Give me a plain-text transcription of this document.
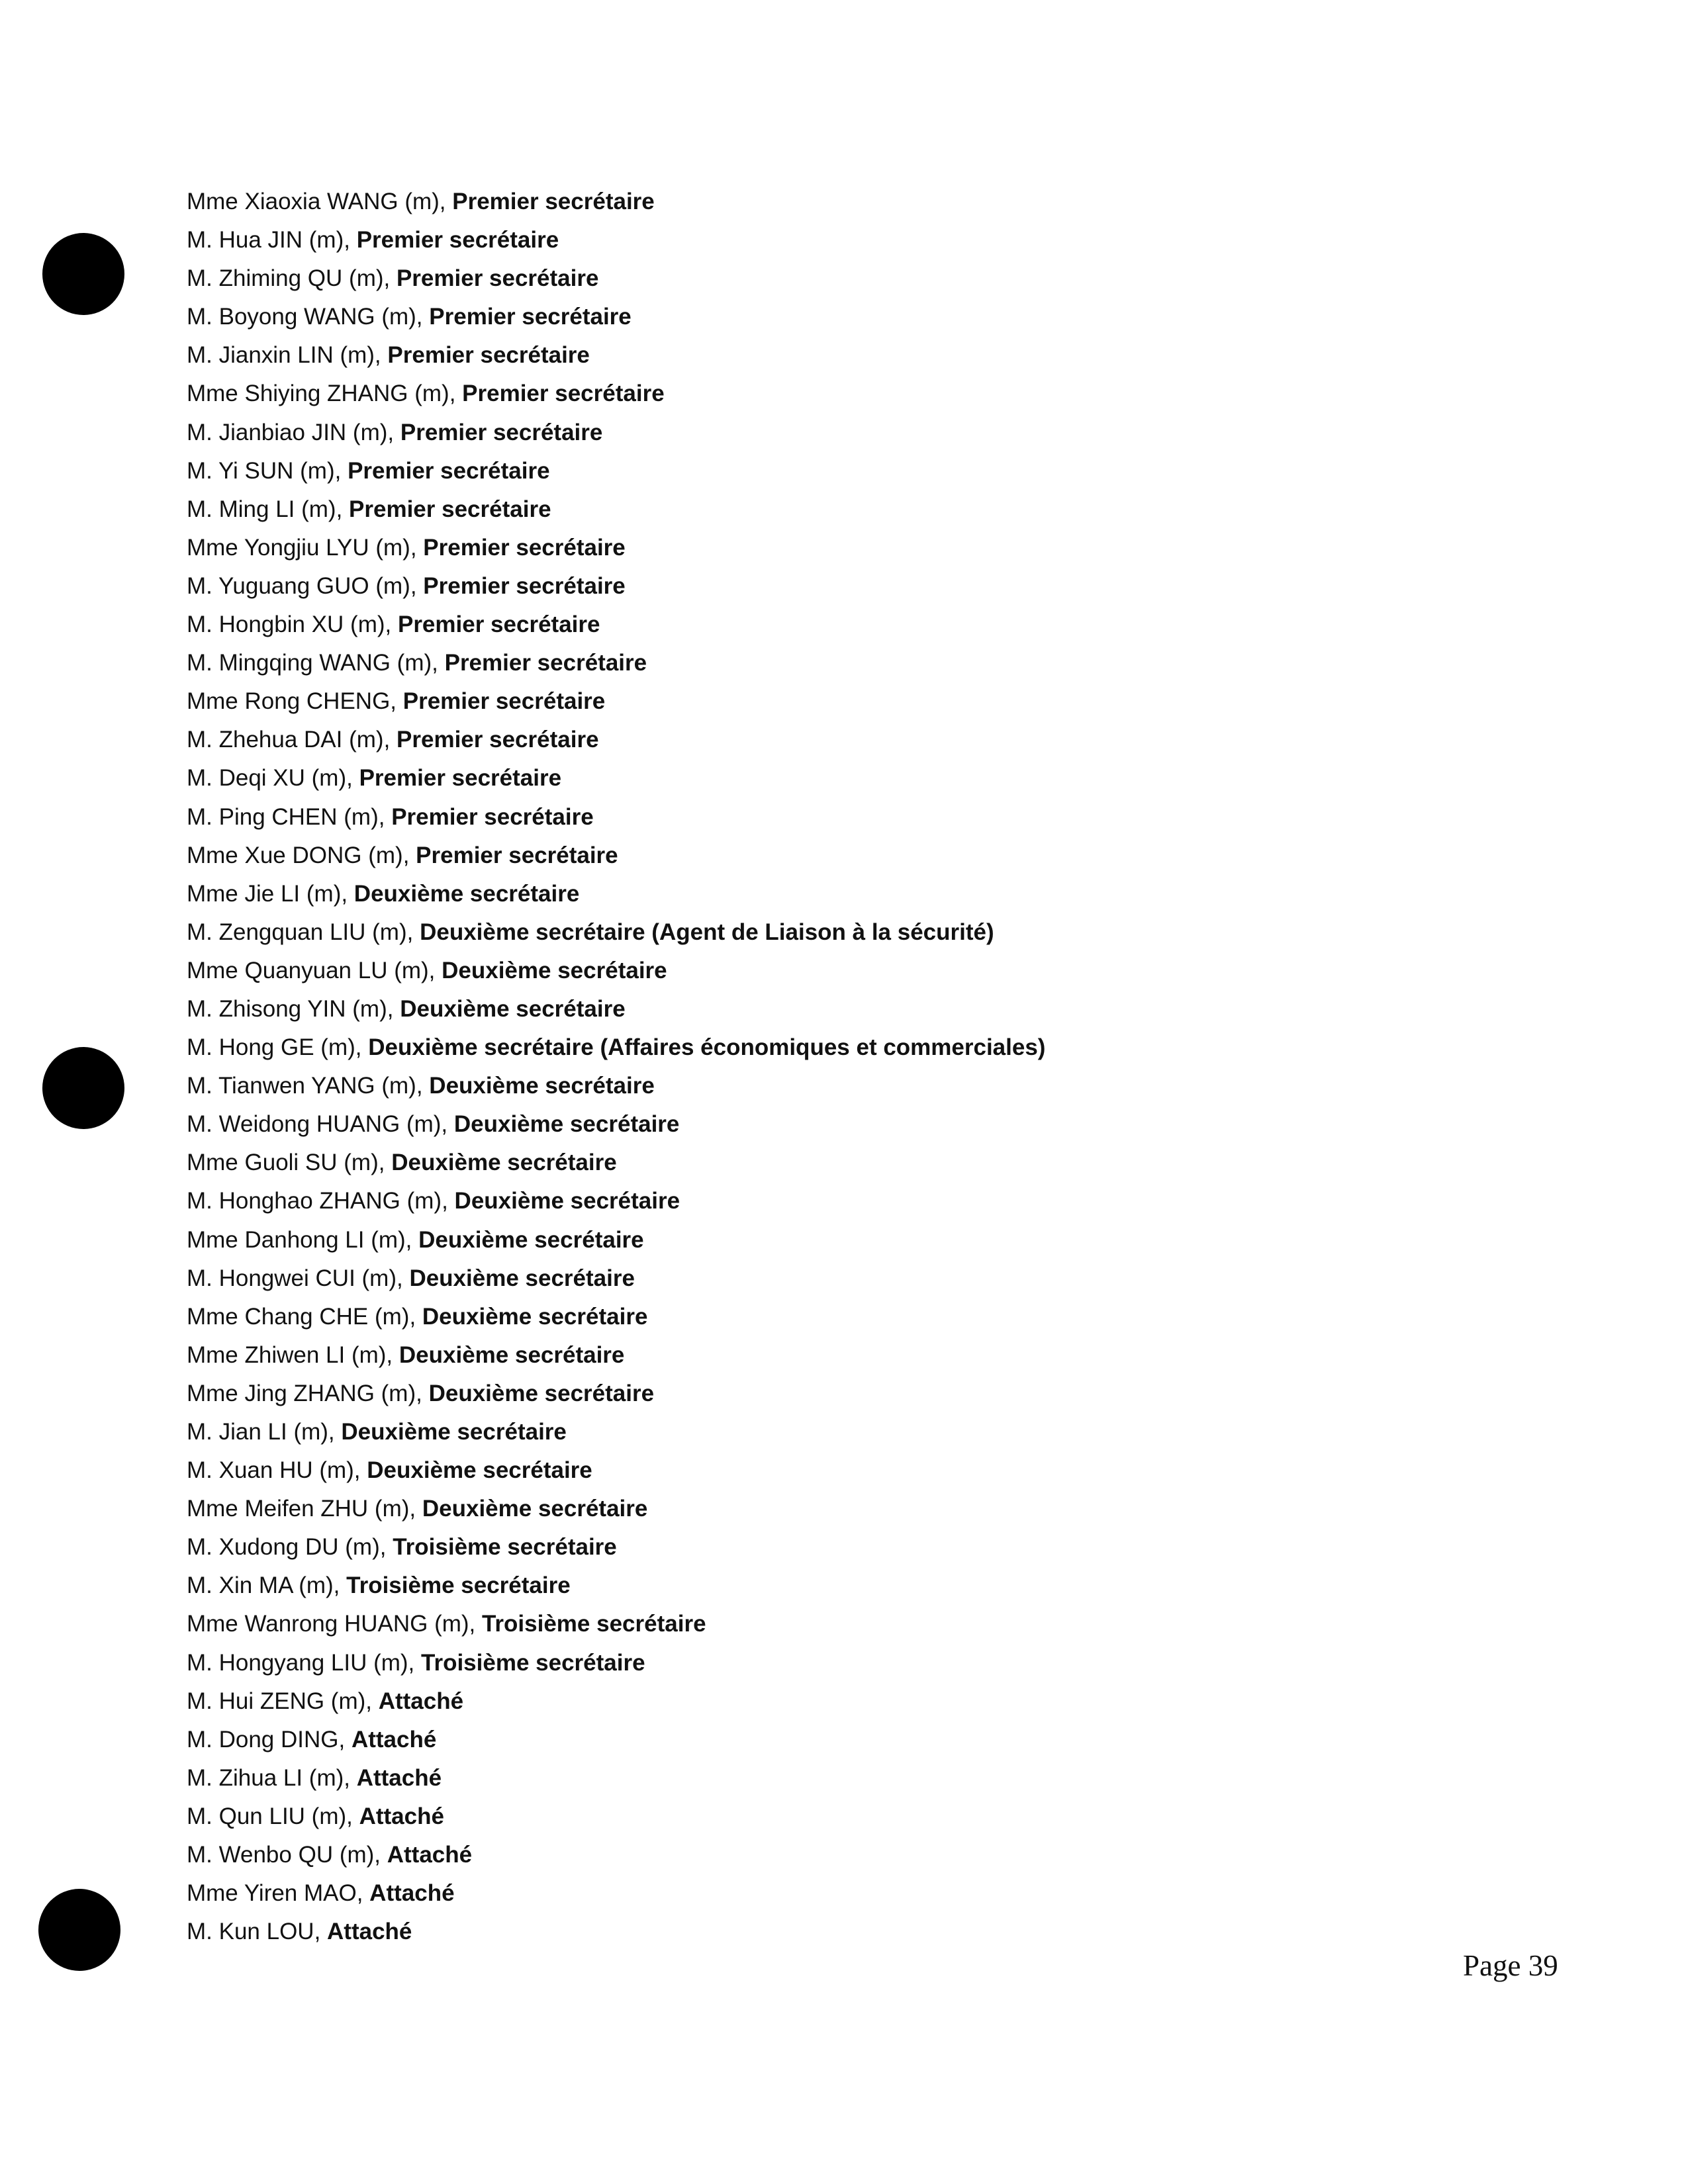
Mme Xiaoxia WANG (m), Premier secrétaire
M. Hua JIN (m), Premier secrétaire
M. Zhiming QU (m), Premier secrétaire
M. Boyong WANG (m), Premier secrétaire
M. Jianxin LIN (m), Premier secrétaire
Mme Shiying ZHANG (m), Premier secrétaire
M. Jianbiao JIN (m), Premier secrétaire
M. Yi SUN (m), Premier secrétaire
M. Ming LI (m), Premier secrétaire
Mme Yongjiu LYU (m), Premier secrétaire
M. Yuguang GUO (m), Premier secrétaire
M. Hongbin XU (m), Premier secrétaire
M. Mingqing WANG (m), Premier secrétaire
Mme Rong CHENG, Premier secrétaire
M. Zhehua DAI (m), Premier secrétaire
M. Deqi XU (m), Premier secrétaire
M. Ping CHEN (m), Premier secrétaire
Mme Xue DONG (m), Premier secrétaire
Mme Jie LI (m), Deuxième secrétaire
M. Zengquan LIU (m), Deuxième secrétaire (Agent de Liaison à la sécurité)
Mme Quanyuan LU (m), Deuxième secrétaire
M. Zhisong YIN (m), Deuxième secrétaire
M. Hong GE (m), Deuxième secrétaire (Affaires économiques et commerciales)
M. Tianwen YANG (m), Deuxième secrétaire
M. Weidong HUANG (m), Deuxième secrétaire
Mme Guoli SU (m), Deuxième secrétaire
M. Honghao ZHANG (m), Deuxième secrétaire
Mme Danhong LI (m), Deuxième secrétaire
M. Hongwei CUI (m), Deuxième secrétaire
Mme Chang CHE (m), Deuxième secrétaire
Mme Zhiwen LI (m), Deuxième secrétaire
Mme Jing ZHANG (m), Deuxième secrétaire
M. Jian LI (m), Deuxième secrétaire
M. Xuan HU (m), Deuxième secrétaire
Mme Meifen ZHU (m), Deuxième secrétaire
M. Xudong DU (m), Troisième secrétaire
M. Xin MA (m), Troisième secrétaire
Mme Wanrong HUANG (m), Troisième secrétaire
M. Hongyang LIU (m), Troisième secrétaire
M. Hui ZENG (m), Attaché
M. Dong DING, Attaché
M. Zihua LI (m), Attaché
M. Qun LIU (m), Attaché
M. Wenbo QU (m), Attaché
Mme Yiren MAO, Attaché
M. Kun LOU, Attaché
Page 39
